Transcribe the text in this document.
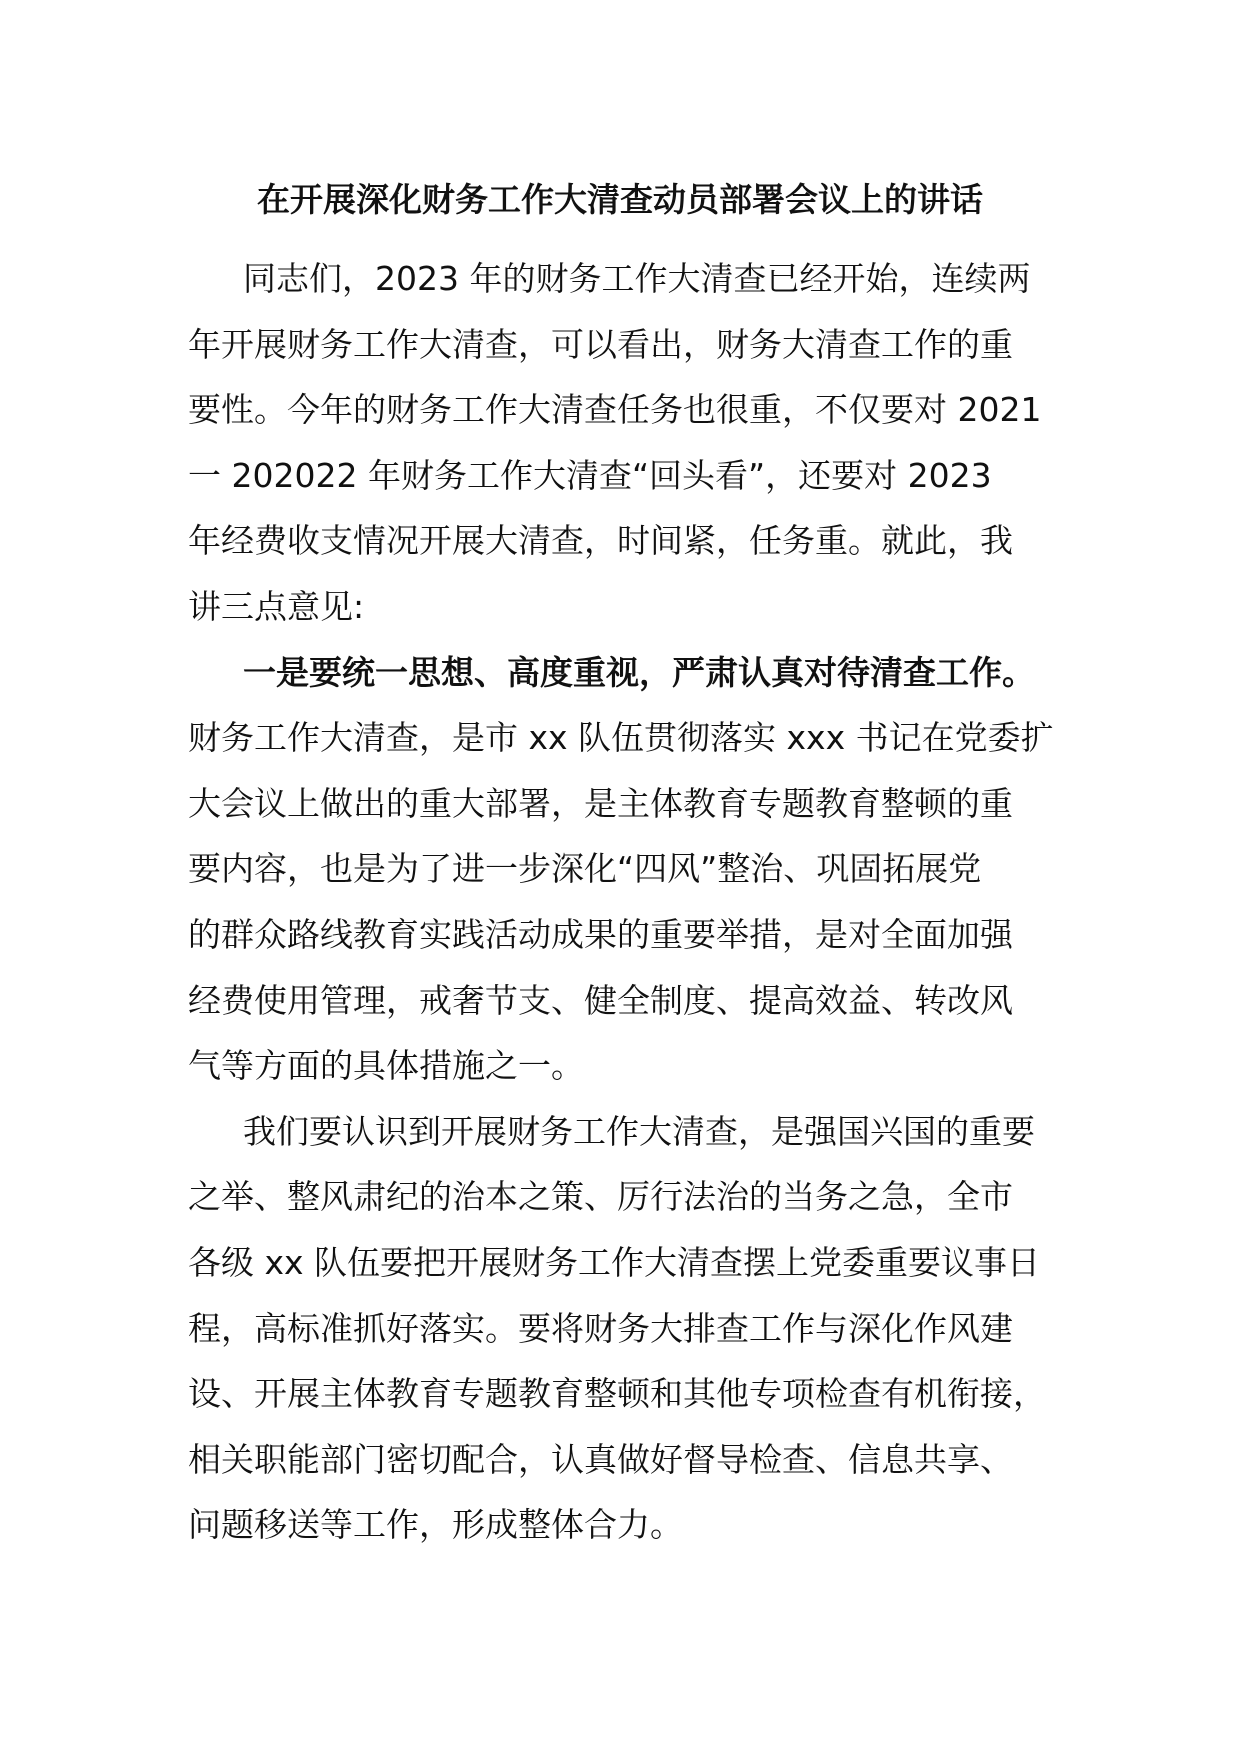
在开展深化财务工作大清查动员部署会议上的讲话
同志们，2023 年的财务工作大清查已经开始，连续两
年开展财务工作大清查，可以看出，财务大清查工作的重
要性。今年的财务工作大清查任务也很重，不仅要对 2021
一 202022 年财务工作大清查“回头看”，还要对 2023
年经费收支情况开展大清查，时间紧，任务重。就此，我
讲三点意见:
一是要统一思想、高度重视，严肃认真对待清查工作。
财务工作大清查，是市 xx 队伍贯彻落实 xxx 书记在党委扩
大会议上做出的重大部署，是主体教育专题教育整顿的重
要内容，也是为了进一步深化“四风”整治、巩固拓展党
的群众路线教育实践活动成果的重要举措，是对全面加强
经费使用管理，戒奢节支、健全制度、提高效益、转改风
气等方面的具体措施之一。
我们要认识到开展财务工作大清查，是强国兴国的重要
之举、整风肃纪的治本之策、厉行法治的当务之急，全市
各级 xx 队伍要把开展财务工作大清查摆上党委重要议事日
程，高标准抓好落实。要将财务大排查工作与深化作风建
设、开展主体教育专题教育整顿和其他专项检查有机衔接，
相关职能部门密切配合，认真做好督导检查、信息共享、
问题移送等工作，形成整体合力。
